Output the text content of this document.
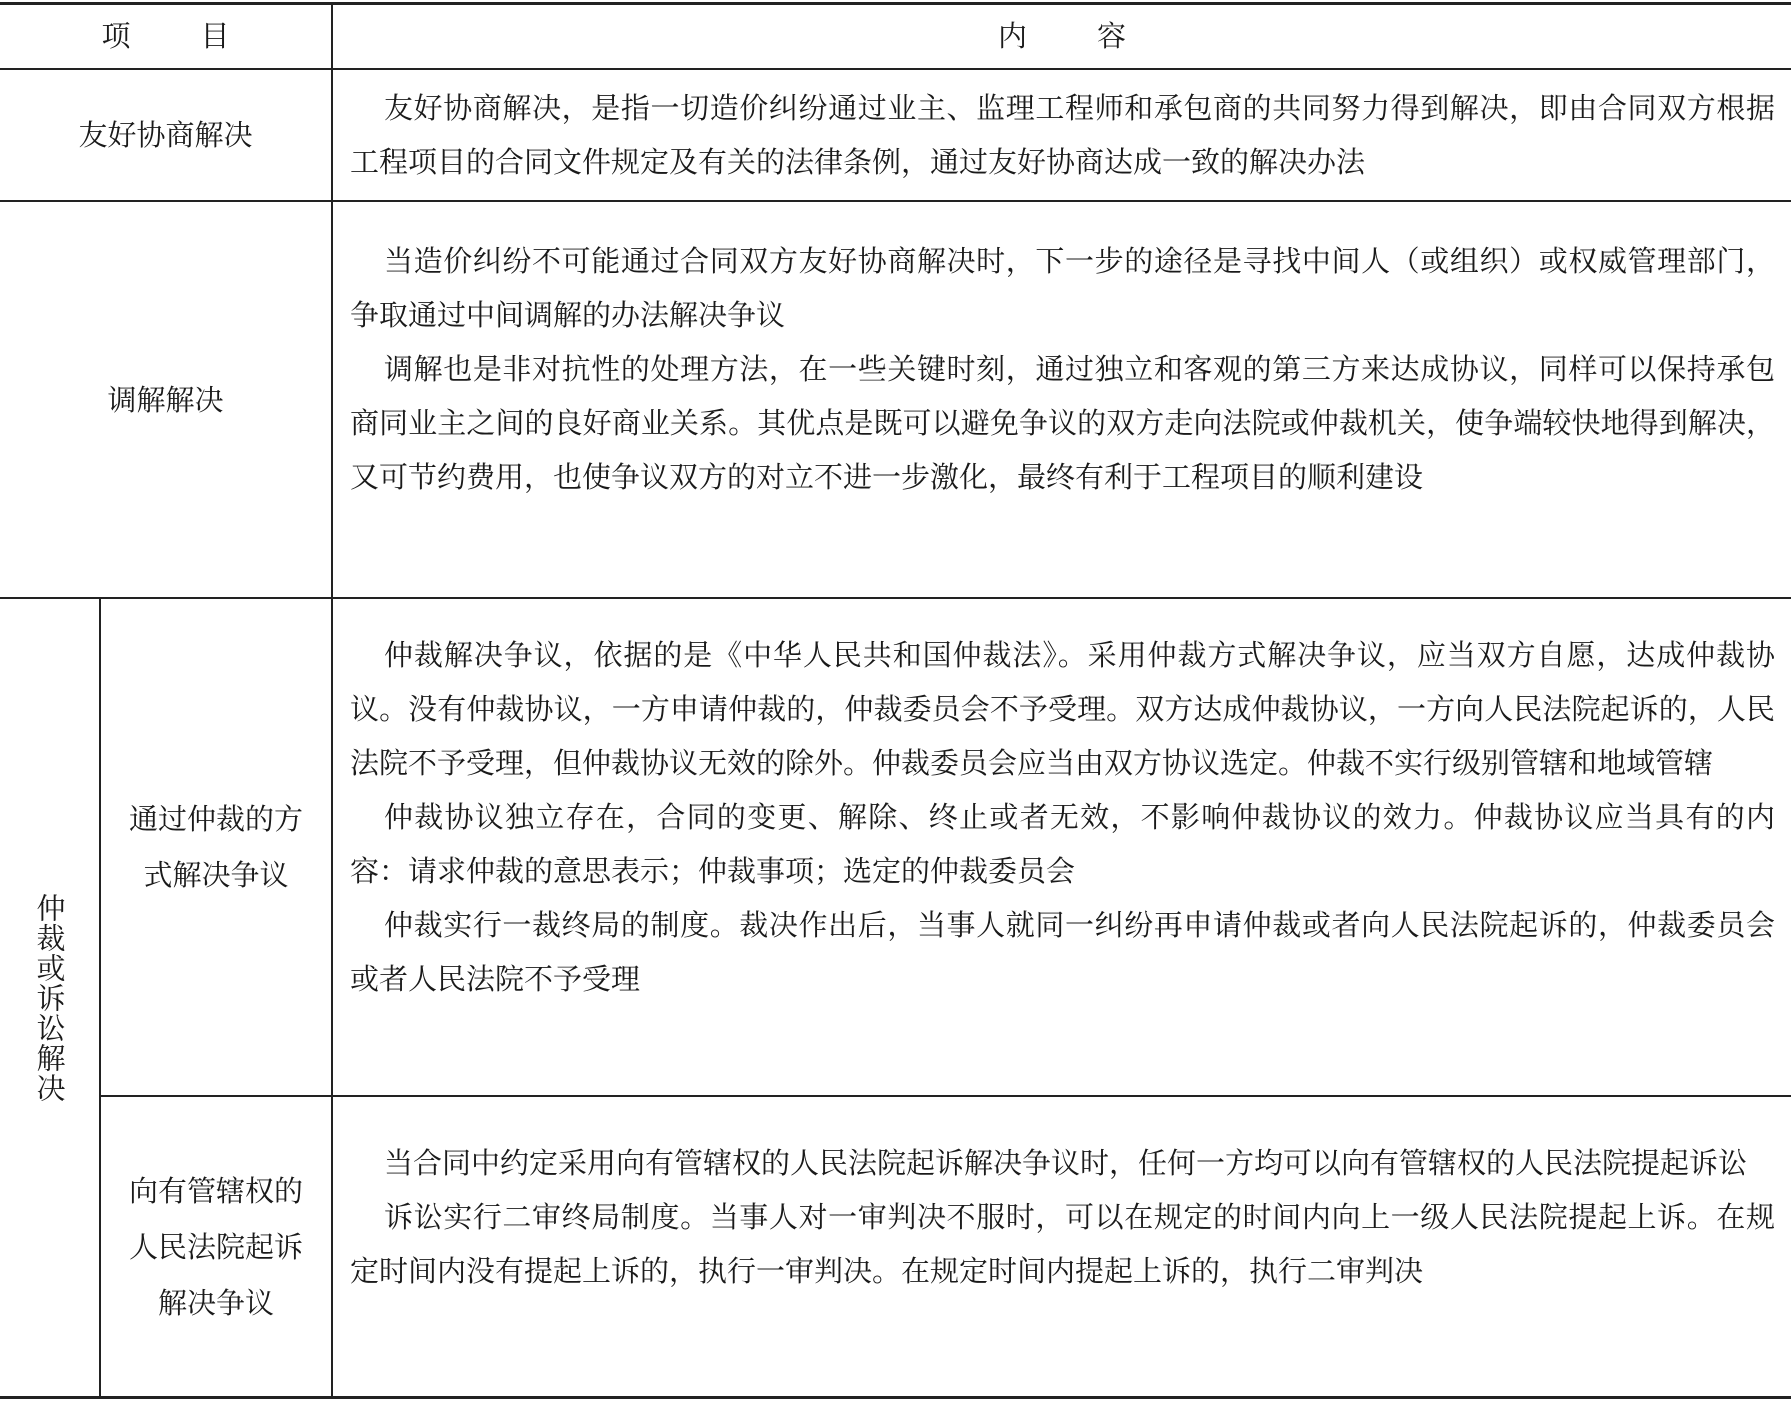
项 目	内 容
友好协商解决

友好协商解决，是指一切造价纠纷通过业主、监理工程师和承包商的共同努力得到解决，即由合同双方根据工程项目的合同文件规定及有关的法律条例，通过友好协商达成一致的解决办法

调解解决

当造价纠纷不可能通过合同双方友好协商解决时，下一步的途径是寻找中间人（或组织）或权威管理部门，争取通过中间调解的办法解决争议

调解也是非对抗性的处理方法，在一些关键时刻，通过独立和客观的第三方来达成协议，同样可以保持承包商同业主之间的良好商业关系。其优点是既可以避免争议的双方走向法院或仲裁机关，使争端较快地得到解决，又可节约费用，也使争议双方的对立不进一步激化，最终有利于工程项目的顺利建设

仲裁或诉讼解决
通过仲裁的方式解决争议

仲裁解决争议，依据的是《中华人民共和国仲裁法》。采用仲裁方式解决争议，应当双方自愿，达成仲裁协议。没有仲裁协议，一方申请仲裁的，仲裁委员会不予受理。双方达成仲裁协议，一方向人民法院起诉的，人民法院不予受理，但仲裁协议无效的除外。仲裁委员会应当由双方协议选定。仲裁不实行级别管辖和地域管辖

仲裁协议独立存在，合同的变更、解除、终止或者无效，不影响仲裁协议的效力。仲裁协议应当具有的内容：请求仲裁的意思表示；仲裁事项；选定的仲裁委员会

仲裁实行一裁终局的制度。裁决作出后，当事人就同一纠纷再申请仲裁或者向人民法院起诉的，仲裁委员会或者人民法院不予受理

向有管辖权的人民法院起诉解决争议

当合同中约定采用向有管辖权的人民法院起诉解决争议时，任何一方均可以向有管辖权的人民法院提起诉讼

诉讼实行二审终局制度。当事人对一审判决不服时，可以在规定的时间内向上一级人民法院提起上诉。在规定时间内没有提起上诉的，执行一审判决。在规定时间内提起上诉的，执行二审判决
